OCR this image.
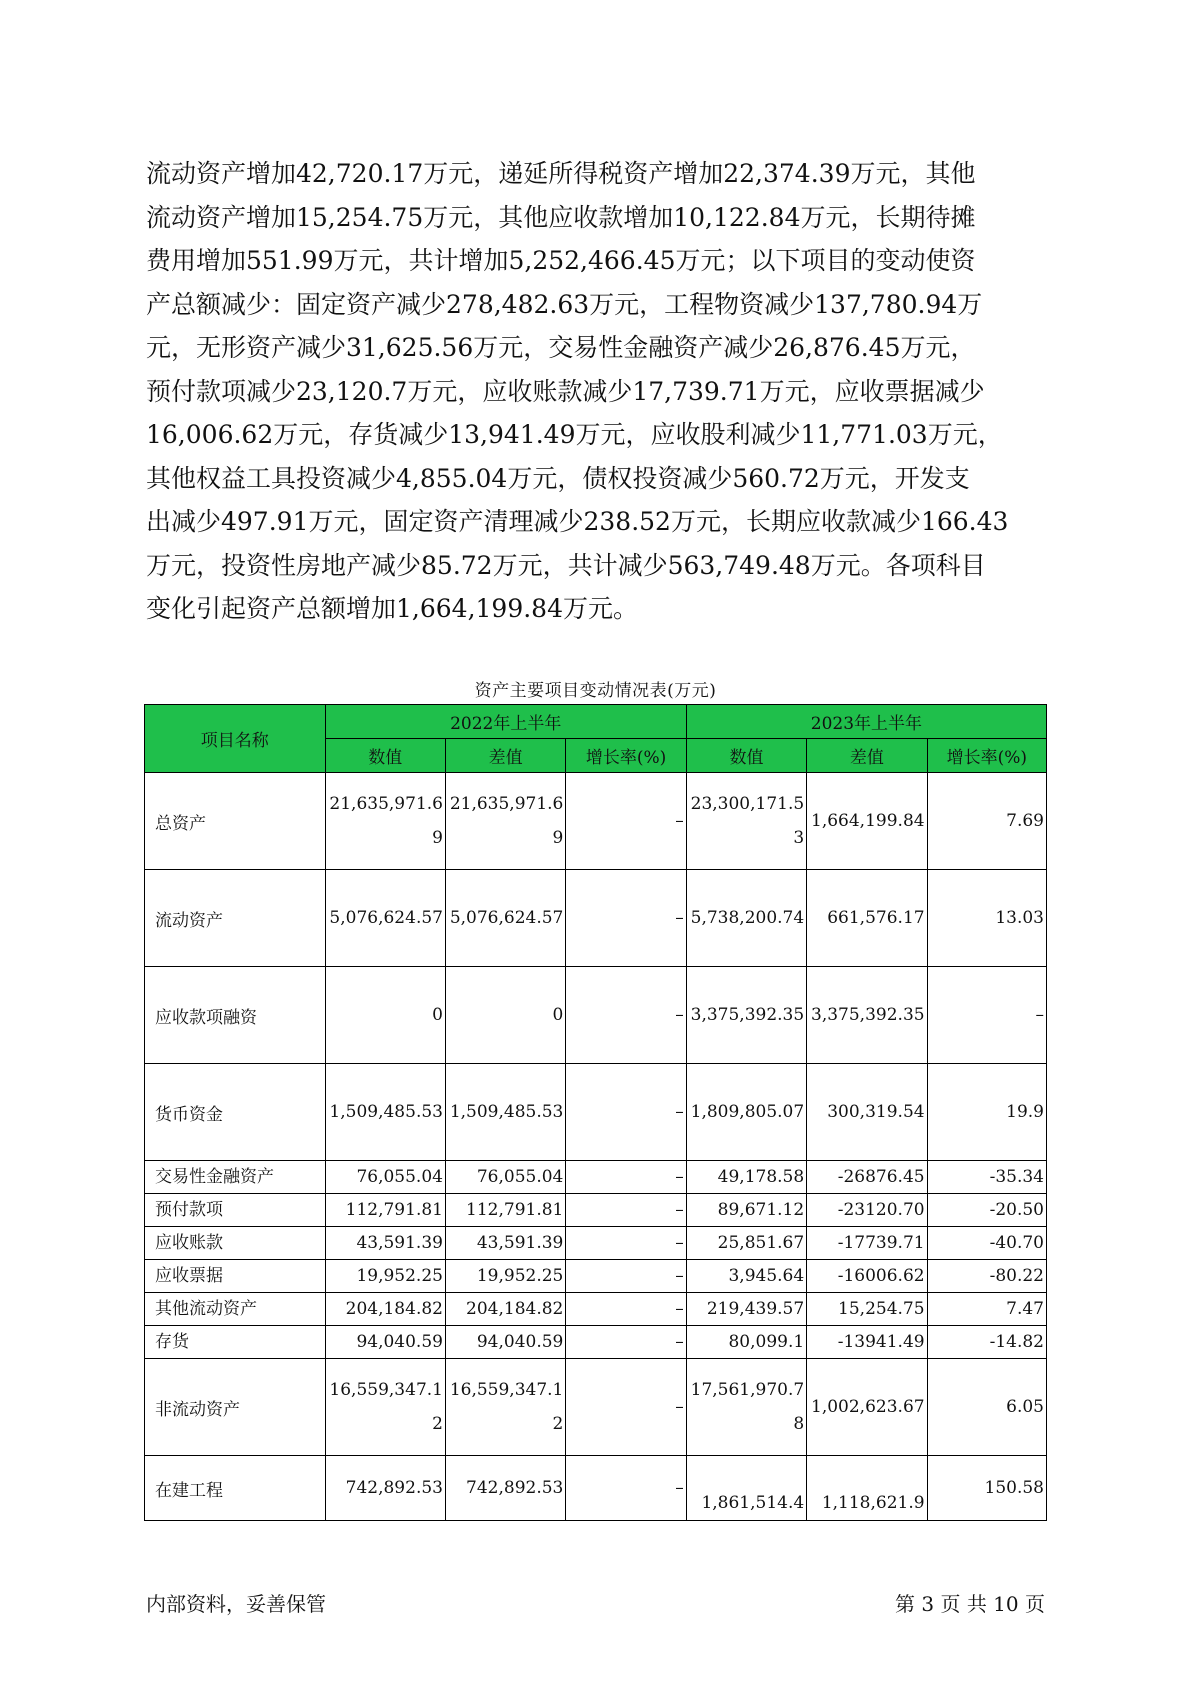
流动资产增加42,720.17万元，递延所得税资产增加22,374.39万元，其他
流动资产增加15,254.75万元，其他应收款增加10,122.84万元，长期待摊
费用增加551.99万元，共计增加5,252,466.45万元；以下项目的变动使资
产总额减少：固定资产减少278,482.63万元，工程物资减少137,780.94万
元，无形资产减少31,625.56万元，交易性金融资产减少26,876.45万元，
预付款项减少23,120.7万元，应收账款减少17,739.71万元，应收票据减少
16,006.62万元，存货减少13,941.49万元，应收股利减少11,771.03万元，
其他权益工具投资减少4,855.04万元，债权投资减少560.72万元，开发支
出减少497.91万元，固定资产清理减少238.52万元，长期应收款减少166.43
万元，投资性房地产减少85.72万元，共计减少563,749.48万元。各项科目
变化引起资产总额增加1,664,199.84万元。
资产主要项目变动情况表(万元)
项目名称	2022年上半年			2023年上半年		
	数值	差值	增长率(%)	数值	差值	增长率(%)
总资产	21,635,971.69	21,635,971.69	–	23,300,171.53	1,664,199.84	7.69
流动资产	5,076,624.57	5,076,624.57	–	5,738,200.74	661,576.17	13.03
应收款项融资	0	0	–	3,375,392.35	3,375,392.35	–
货币资金	1,509,485.53	1,509,485.53	–	1,809,805.07	300,319.54	19.9
交易性金融资产	76,055.04	76,055.04	–	49,178.58	-26876.45	-35.34
预付款项	112,791.81	112,791.81	–	89,671.12	-23120.70	-20.50
应收账款	43,591.39	43,591.39	–	25,851.67	-17739.71	-40.70
应收票据	19,952.25	19,952.25	–	3,945.64	-16006.62	-80.22
其他流动资产	204,184.82	204,184.82	–	219,439.57	15,254.75	7.47
存货	94,040.59	94,040.59	–	80,099.1	-13941.49	-14.82
非流动资产	16,559,347.12	16,559,347.12	–	17,561,970.78	1,002,623.67	6.05
在建工程	742,892.53	742,892.53	–	1,861,514.4	1,118,621.9	150.58
内部资料，妥善保管	第 3 页 共 10 页
